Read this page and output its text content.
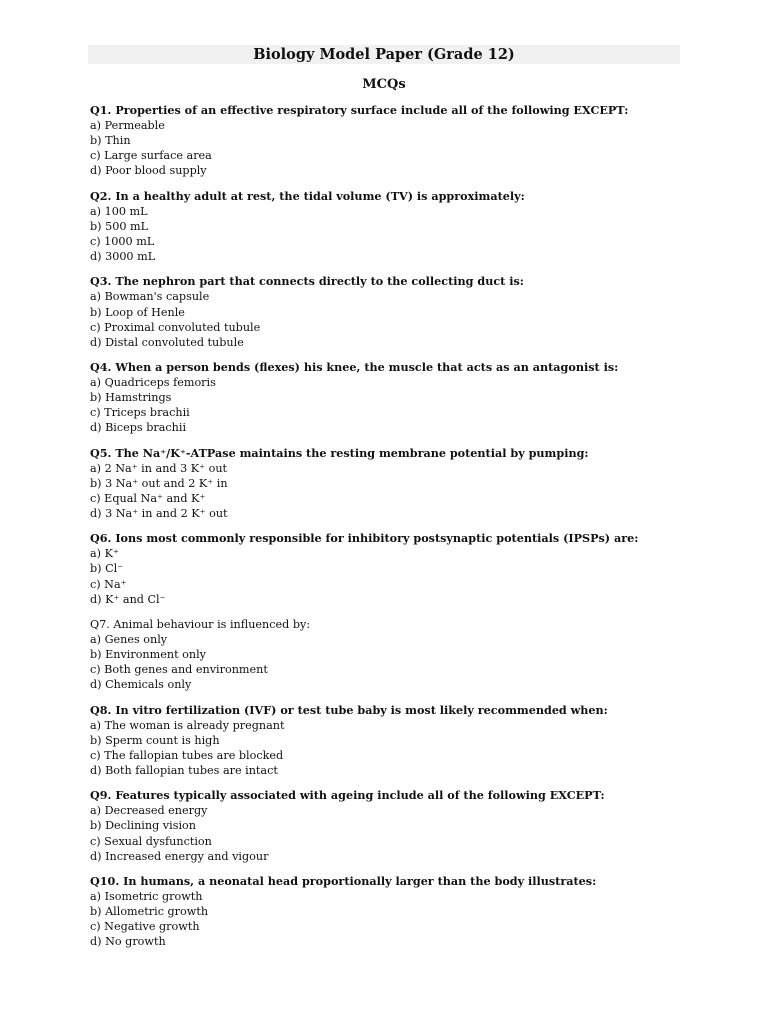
Biology Model Paper (Grade 12)
MCQs
Q1. Properties of an effective respiratory surface include all of the following EXCEPT:
a) Permeable
b) Thin
c) Large surface area
d) Poor blood supply
Q2. In a healthy adult at rest, the tidal volume (TV) is approximately:
a) 100 mL
b) 500 mL
c) 1000 mL
d) 3000 mL
Q3. The nephron part that connects directly to the collecting duct is:
a) Bowman's capsule
b) Loop of Henle
c) Proximal convoluted tubule
d) Distal convoluted tubule
Q4. When a person bends (flexes) his knee, the muscle that acts as an antagonist is:
a) Quadriceps femoris
b) Hamstrings
c) Triceps brachii
d) Biceps brachii
Q5. The Na⁺/K⁺-ATPase maintains the resting membrane potential by pumping:
a) 2 Na⁺ in and 3 K⁺ out
b) 3 Na⁺ out and 2 K⁺ in
c) Equal Na⁺ and K⁺
d) 3 Na⁺ in and 2 K⁺ out
Q6. Ions most commonly responsible for inhibitory postsynaptic potentials (IPSPs) are:
a) K⁺
b) Cl⁻
c) Na⁺
d) K⁺ and Cl⁻
Q7. Animal behaviour is influenced by:
a) Genes only
b) Environment only
c) Both genes and environment
d) Chemicals only
Q8. In vitro fertilization (IVF) or test tube baby is most likely recommended when:
a) The woman is already pregnant
b) Sperm count is high
c) The fallopian tubes are blocked
d) Both fallopian tubes are intact
Q9. Features typically associated with ageing include all of the following EXCEPT:
a) Decreased energy
b) Declining vision
c) Sexual dysfunction
d) Increased energy and vigour
Q10. In humans, a neonatal head proportionally larger than the body illustrates:
a) Isometric growth
b) Allometric growth
c) Negative growth
d) No growth
